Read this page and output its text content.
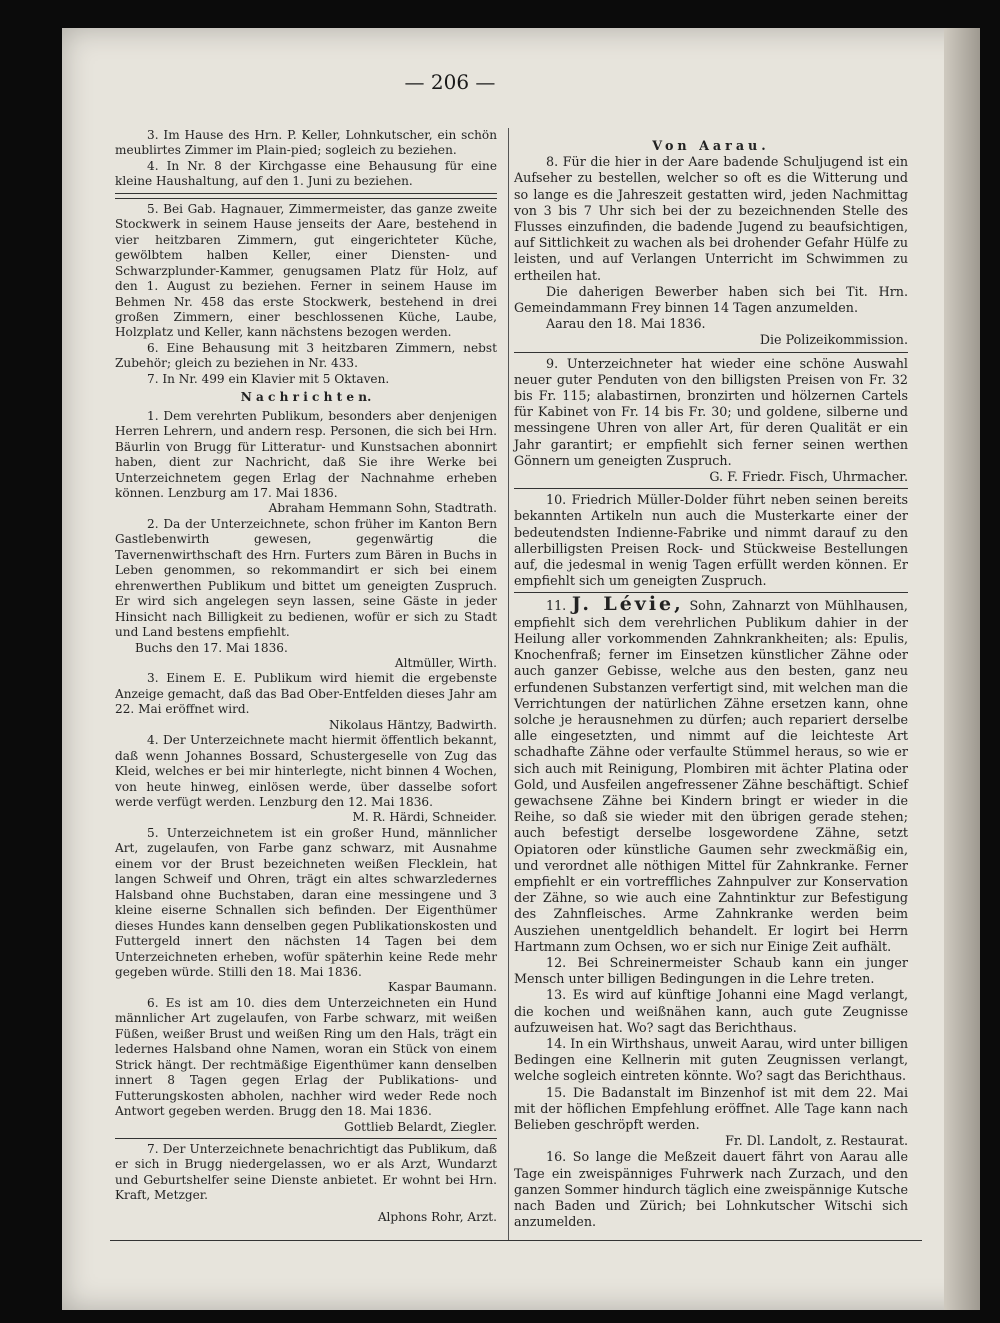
— 206 —

3. Im Hause des Hrn. P. Keller, Lohnkutscher, ein schön meublirtes Zimmer im Plain-pied; sogleich zu beziehen.

4. In Nr. 8 der Kirchgasse eine Behausung für eine kleine Haushaltung, auf den 1. Juni zu beziehen.

5. Bei Gab. Hagnauer, Zimmermeister, das ganze zweite Stockwerk in seinem Hause jenseits der Aare, bestehend in vier heitzbaren Zimmern, gut eingerichteter Küche, gewölbtem halben Keller, einer Diensten- und Schwarzplunder-Kammer, genugsamen Platz für Holz, auf den 1. August zu beziehen. Ferner in seinem Hause im Behmen Nr. 458 das erste Stockwerk, bestehend in drei großen Zimmern, einer beschlossenen Küche, Laube, Holzplatz und Keller, kann nächstens bezogen werden.

6. Eine Behausung mit 3 heitzbaren Zimmern, nebst Zubehör; gleich zu beziehen in Nr. 433.

7. In Nr. 499 ein Klavier mit 5 Oktaven.

N a c h r i c h t e n.

1. Dem verehrten Publikum, besonders aber denjenigen Herren Lehrern, und andern resp. Personen, die sich bei Hrn. Bäurlin von Brugg für Litteratur- und Kunstsachen abonnirt haben, dient zur Nachricht, daß Sie ihre Werke bei Unterzeichnetem gegen Erlag der Nachnahme erheben können. Lenzburg am 17. Mai 1836.

Abraham Hemmann Sohn, Stadtrath.

2. Da der Unterzeichnete, schon früher im Kanton Bern Gastlebenwirth gewesen, gegenwärtig die Tavernenwirthschaft des Hrn. Furters zum Bären in Buchs in Leben genommen, so rekommandirt er sich bei einem ehrenwerthen Publikum und bittet um geneigten Zuspruch. Er wird sich angelegen seyn lassen, seine Gäste in jeder Hinsicht nach Billigkeit zu bedienen, wofür er sich zu Stadt und Land bestens empfiehlt.

Buchs den 17. Mai 1836.

Altmüller, Wirth.

3. Einem E. E. Publikum wird hiemit die ergebenste Anzeige gemacht, daß das Bad Ober-Entfelden dieses Jahr am 22. Mai eröffnet wird.

Nikolaus Häntzy, Badwirth.

4. Der Unterzeichnete macht hiermit öffentlich bekannt, daß wenn Johannes Bossard, Schustergeselle von Zug das Kleid, welches er bei mir hinterlegte, nicht binnen 4 Wochen, von heute hinweg, einlösen werde, über dasselbe sofort werde verfügt werden. Lenzburg den 12. Mai 1836.

M. R. Härdi, Schneider.

5. Unterzeichnetem ist ein großer Hund, männlicher Art, zugelaufen, von Farbe ganz schwarz, mit Ausnahme einem vor der Brust bezeichneten weißen Flecklein, hat langen Schweif und Ohren, trägt ein altes schwarzledernes Halsband ohne Buchstaben, daran eine messingene und 3 kleine eiserne Schnallen sich befinden. Der Eigenthümer dieses Hundes kann denselben gegen Publikationskosten und Futtergeld innert den nächsten 14 Tagen bei dem Unterzeichneten erheben, wofür späterhin keine Rede mehr gegeben würde. Stilli den 18. Mai 1836.

Kaspar Baumann.

6. Es ist am 10. dies dem Unterzeichneten ein Hund männlicher Art zugelaufen, von Farbe schwarz, mit weißen Füßen, weißer Brust und weißen Ring um den Hals, trägt ein ledernes Halsband ohne Namen, woran ein Stück von einem Strick hängt. Der rechtmäßige Eigenthümer kann denselben innert 8 Tagen gegen Erlag der Publikations- und Futterungskosten abholen, nachher wird weder Rede noch Antwort gegeben werden. Brugg den 18. Mai 1836.

Gottlieb Belardt, Ziegler.

7. Der Unterzeichnete benachrichtigt das Publikum, daß er sich in Brugg niedergelassen, wo er als Arzt, Wundarzt und Geburtshelfer seine Dienste anbietet. Er wohnt bei Hrn. Kraft, Metzger.

Alphons Rohr, Arzt.

Von Aarau.

8. Für die hier in der Aare badende Schuljugend ist ein Aufseher zu bestellen, welcher so oft es die Witterung und so lange es die Jahreszeit gestatten wird, jeden Nachmittag von 3 bis 7 Uhr sich bei der zu bezeichnenden Stelle des Flusses einzufinden, die badende Jugend zu beaufsichtigen, auf Sittlichkeit zu wachen als bei drohender Gefahr Hülfe zu leisten, und auf Verlangen Unterricht im Schwimmen zu ertheilen hat.

Die daherigen Bewerber haben sich bei Tit. Hrn. Gemeindammann Frey binnen 14 Tagen anzumelden.

Aarau den 18. Mai 1836.

Die Polizeikommission.

9. Unterzeichneter hat wieder eine schöne Auswahl neuer guter Penduten von den billigsten Preisen von Fr. 32 bis Fr. 115; alabastirnen, bronzirten und hölzernen Cartels für Kabinet von Fr. 14 bis Fr. 30; und goldene, silberne und messingene Uhren von aller Art, für deren Qualität er ein Jahr garantirt; er empfiehlt sich ferner seinen werthen Gönnern um geneigten Zuspruch.

G. F. Friedr. Fisch, Uhrmacher.

10. Friedrich Müller-Dolder führt neben seinen bereits bekannten Artikeln nun auch die Musterkarte einer der bedeutendsten Indienne-Fabrike und nimmt darauf zu den allerbilligsten Preisen Rock- und Stückweise Bestellungen auf, die jedesmal in wenig Tagen erfüllt werden können. Er empfiehlt sich um geneigten Zuspruch.

11. J. Lévie, Sohn, Zahnarzt von Mühlhausen, empfiehlt sich dem verehrlichen Publikum dahier in der Heilung aller vorkommenden Zahnkrankheiten; als: Epulis, Knochenfraß; ferner im Einsetzen künstlicher Zähne oder auch ganzer Gebisse, welche aus den besten, ganz neu erfundenen Substanzen verfertigt sind, mit welchen man die Verrichtungen der natürlichen Zähne ersetzen kann, ohne solche je herausnehmen zu dürfen; auch repariert derselbe alle eingesetzten, und nimmt auf die leichteste Art schadhafte Zähne oder verfaulte Stümmel heraus, so wie er sich auch mit Reinigung, Plombiren mit ächter Platina oder Gold, und Ausfeilen angefressener Zähne beschäftigt. Schief gewachsene Zähne bei Kindern bringt er wieder in die Reihe, so daß sie wieder mit den übrigen gerade stehen; auch befestigt derselbe losgewordene Zähne, setzt Opiatoren oder künstliche Gaumen sehr zweckmäßig ein, und verordnet alle nöthigen Mittel für Zahnkranke. Ferner empfiehlt er ein vortreffliches Zahnpulver zur Konservation der Zähne, so wie auch eine Zahntinktur zur Befestigung des Zahnfleisches. Arme Zahnkranke werden beim Ausziehen unentgeldlich behandelt. Er logirt bei Herrn Hartmann zum Ochsen, wo er sich nur Einige Zeit aufhält.

12. Bei Schreinermeister Schaub kann ein junger Mensch unter billigen Bedingungen in die Lehre treten.

13. Es wird auf künftige Johanni eine Magd verlangt, die kochen und weißnähen kann, auch gute Zeugnisse aufzuweisen hat. Wo? sagt das Berichthaus.

14. In ein Wirthshaus, unweit Aarau, wird unter billigen Bedingen eine Kellnerin mit guten Zeugnissen verlangt, welche sogleich eintreten könnte. Wo? sagt das Berichthaus.

15. Die Badanstalt im Binzenhof ist mit dem 22. Mai mit der höflichen Empfehlung eröffnet. Alle Tage kann nach Belieben geschröpft werden.

Fr. Dl. Landolt, z. Restaurat.

16. So lange die Meßzeit dauert fährt von Aarau alle Tage ein zweispänniges Fuhrwerk nach Zurzach, und den ganzen Sommer hindurch täglich eine zweispännige Kutsche nach Baden und Zürich; bei Lohnkutscher Witschi sich anzumelden.
